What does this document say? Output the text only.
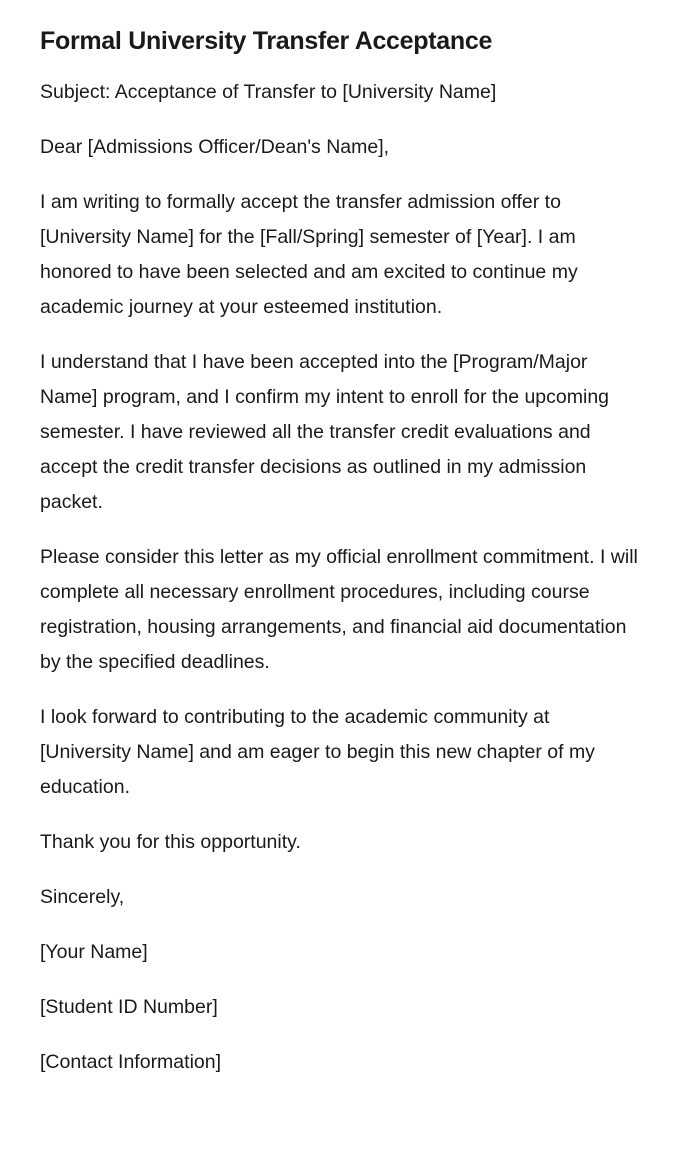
Formal University Transfer Acceptance

Subject: Acceptance of Transfer to [University Name]

Dear [Admissions Officer/Dean's Name],

I am writing to formally accept the transfer admission offer to [University Name] for the [Fall/Spring] semester of [Year]. I am honored to have been selected and am excited to continue my academic journey at your esteemed institution.

I understand that I have been accepted into the [Program/Major Name] program, and I confirm my intent to enroll for the upcoming semester. I have reviewed all the transfer credit evaluations and accept the credit transfer decisions as outlined in my admission packet.

Please consider this letter as my official enrollment commitment. I will complete all necessary enrollment procedures, including course registration, housing arrangements, and financial aid documentation by the specified deadlines.

I look forward to contributing to the academic community at [University Name] and am eager to begin this new chapter of my education.

Thank you for this opportunity.

Sincerely,

[Your Name]

[Student ID Number]

[Contact Information]
